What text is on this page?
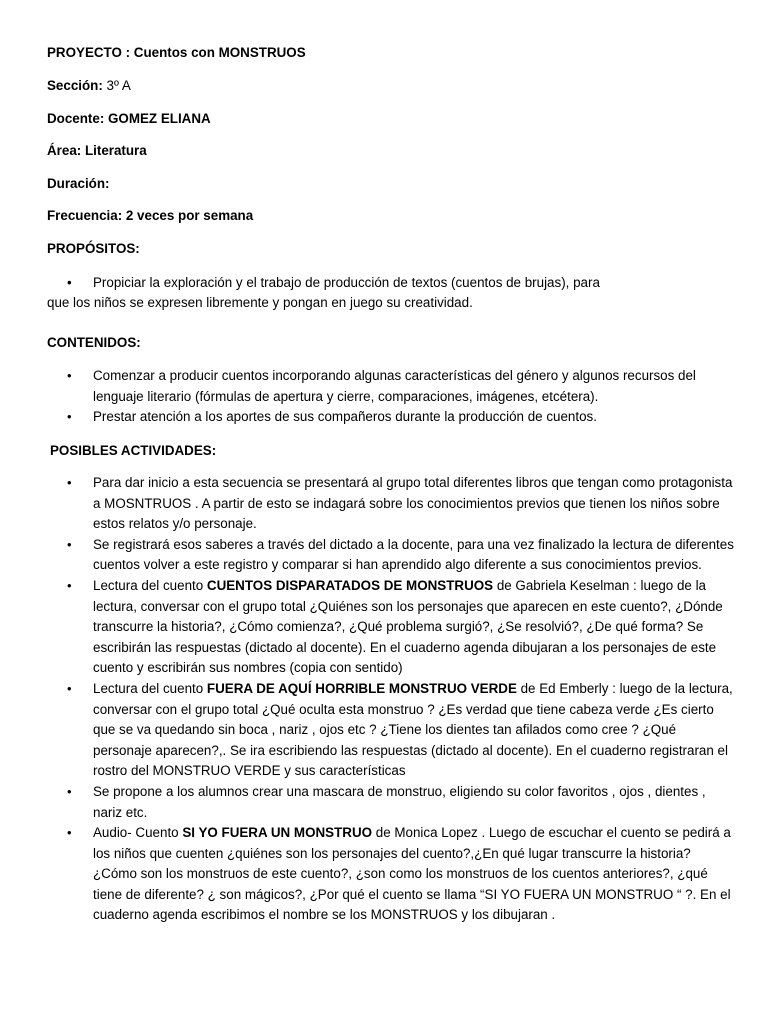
PROYECTO : Cuentos con MONSTRUOS

Sección: 3º A

Docente: GOMEZ ELIANA

Área: Literatura

Duración:

Frecuencia: 2 veces por semana

PROPÓSITOS:

• Propiciar la exploración y el trabajo de producción de textos (cuentos de brujas), para
que los niños se expresen libremente y pongan en juego su creatividad.

CONTENIDOS:

• Comenzar a producir cuentos incorporando algunas características del género y algunos recursos del lenguaje literario (fórmulas de apertura y cierre, comparaciones, imágenes, etcétera).
• Prestar atención a los aportes de sus compañeros durante la producción de cuentos.

POSIBLES ACTIVIDADES:

• Para dar inicio a esta secuencia se presentará al grupo total diferentes libros que tengan como protagonista a MOSNTRUOS . A partir de esto se indagará sobre los conocimientos previos que tienen los niños sobre estos relatos y/o personaje.
• Se registrará esos saberes a través del dictado a la docente, para una vez finalizado la lectura de diferentes cuentos volver a este registro y comparar si han aprendido algo diferente a sus conocimientos previos.
• Lectura del cuento CUENTOS DISPARATADOS DE MONSTRUOS de Gabriela Keselman : luego de la lectura, conversar con el grupo total ¿Quiénes son los personajes que aparecen en este cuento?, ¿Dónde transcurre la historia?, ¿Cómo comienza?, ¿Qué problema surgió?, ¿Se resolvió?, ¿De qué forma? Se escribirán las respuestas (dictado al docente). En el cuaderno agenda dibujaran a los personajes de este cuento y escribirán sus nombres (copia con sentido)
• Lectura del cuento FUERA DE AQUÍ HORRIBLE MONSTRUO VERDE de Ed Emberly : luego de la lectura, conversar con el grupo total ¿Qué oculta esta monstruo ? ¿Es verdad que tiene cabeza verde ¿Es cierto que se va quedando sin boca , nariz , ojos etc ? ¿Tiene los dientes tan afilados como cree ? ¿Qué personaje aparecen?,. Se ira escribiendo las respuestas (dictado al docente). En el cuaderno registraran el rostro del MONSTRUO VERDE y sus características
• Se propone a los alumnos crear una mascara de monstruo, eligiendo su color favoritos , ojos , dientes , nariz etc.
• Audio- Cuento SI YO FUERA UN MONSTRUO de Monica Lopez . Luego de escuchar el cuento se pedirá a los niños que cuenten ¿quiénes son los personajes del cuento?,¿En qué lugar transcurre la historia? ¿Cómo son los monstruos de este cuento?, ¿son como los monstruos de los cuentos anteriores?, ¿qué tiene de diferente? ¿ son mágicos?, ¿Por qué el cuento se llama “SI YO FUERA UN MONSTRUO “ ?. En el cuaderno agenda escribimos el nombre se los MONSTRUOS y los dibujaran .
